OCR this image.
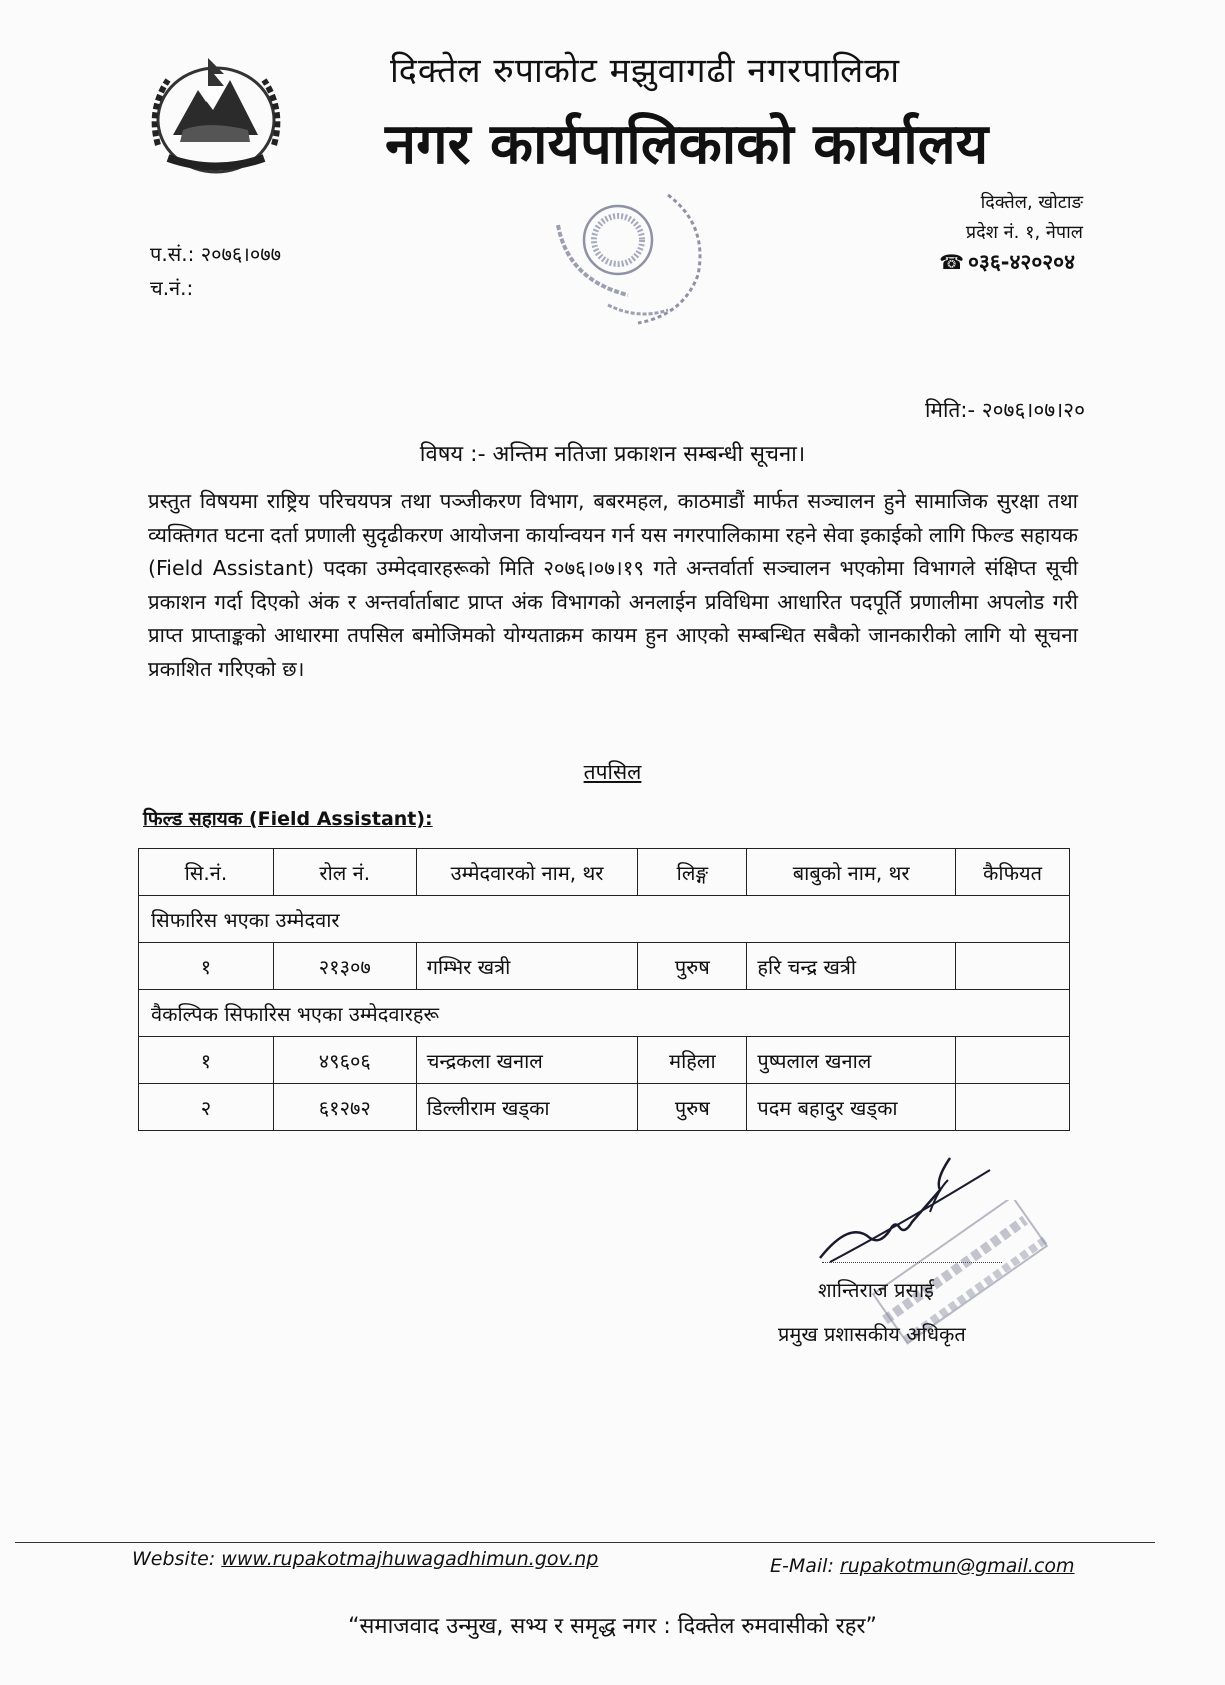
दिक्तेल रुपाकोट मझुवागढी नगरपालिका
नगर कार्यपालिकाको कार्यालय
दिक्तेल, खोटाङ
प्रदेश नं. १, नेपाल
☎ ०३६-४२०२०४
प.सं.: २०७६।०७७
च.नं.:
मिति:- २०७६।०७।२०
विषय :- अन्तिम नतिजा प्रकाशन सम्बन्धी सूचना।
प्रस्तुत विषयमा राष्ट्रिय परिचयपत्र तथा पञ्जीकरण विभाग, बबरमहल, काठमाडौं मार्फत सञ्चालन हुने सामाजिक सुरक्षा तथा व्यक्तिगत घटना दर्ता प्रणाली सुदृढीकरण आयोजना कार्यान्वयन गर्न यस नगरपालिकामा रहने सेवा इकाईको लागि फिल्ड सहायक (Field Assistant) पदका उम्मेदवारहरूको मिति २०७६।०७।१९ गते अन्तर्वार्ता सञ्चालन भएकोमा विभागले संक्षिप्त सूची प्रकाशन गर्दा दिएको अंक र अन्तर्वार्ताबाट प्राप्त अंक विभागको अनलाईन प्रविधिमा आधारित पदपूर्ति प्रणालीमा अपलोड गरी प्राप्त प्राप्ताङ्कको आधारमा तपसिल बमोजिमको योग्यताक्रम कायम हुन आएको सम्बन्धित सबैको जानकारीको लागि यो सूचना प्रकाशित गरिएको छ।
तपसिल
फिल्ड सहायक (Field Assistant):
सि.नं.	रोल नं.	उम्मेदवारको नाम, थर	लिङ्ग	बाबुको नाम, थर	कैफियत
सिफारिस भएका उम्मेदवार					
१	२१३०७	गम्भिर खत्री	पुरुष	हरि चन्द्र खत्री	
वैकल्पिक सिफारिस भएका उम्मेदवारहरू					
१	४९६०६	चन्द्रकला खनाल	महिला	पुष्पलाल खनाल	
२	६१२७२	डिल्लीराम खड्का	पुरुष	पदम बहादुर खड्का	
शान्तिराज प्रसाई
प्रमुख प्रशासकीय अधिकृत
Website: www.rupakotmajhuwagadhimun.gov.np	E-Mail: rupakotmun@gmail.com
“समाजवाद उन्मुख, सभ्य र समृद्ध नगर : दिक्तेल रुमवासीको रहर”
